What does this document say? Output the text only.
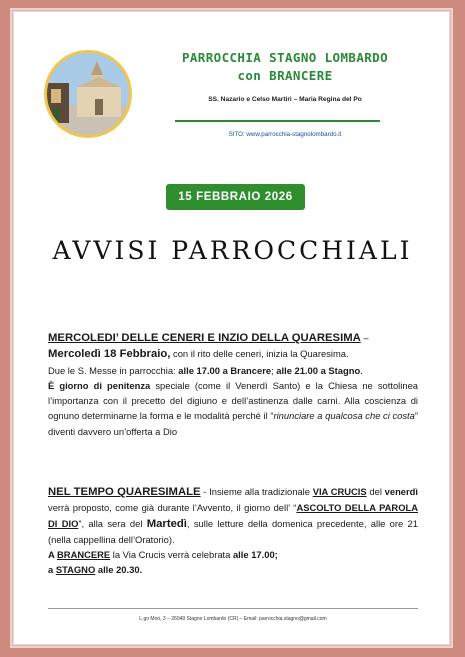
PARROCCHIA STAGNO LOMBARDO
con BRANCERE
SS. Nazario e Celso Martiri – Maria Regina del Po
SITO: www.parrocchia-stagnolombardo.it
15 FEBBRAIO 2026
AVVISI PARROCCHIALI
MERCOLEDI’ DELLE CENERI E INZIO DELLA QUARESIMA –
Mercoledì 18 Febbraio, con il rito delle ceneri, inizia la Quaresima.
Due le S. Messe in parrocchia: alle 17.00 a Brancere; alle 21.00 a Stagno.
È giorno di penitenza speciale (come il Venerdì Santo) e la Chiesa ne sottolinea l’importanza con il precetto del digiuno e dell’astinenza dalle carni. Alla coscienza di ognuno determinarne la forma e le modalità perché il “rinunciare a qualcosa che ci costa” diventi davvero un’offerta a Dio
NEL TEMPO QUARESIMALE - Insieme alla tradizionale VIA CRUCIS del venerdì verrà proposto, come già durante l’Avvento, il giorno dell’ “ASCOLTO DELLA PAROLA DI DIO”, alla sera del Martedì, sulle letture della domenica precedente, alle ore 21 (nella cappellina dell’Oratorio).
A BRANCERE la Via Crucis verrà celebrata alle 17.00;
a STAGNO alle 20.30.
L.go Mori, 3 – 26049 Stagno Lombardo (CR) – Email: parrocchia.stagno@gmail.com
